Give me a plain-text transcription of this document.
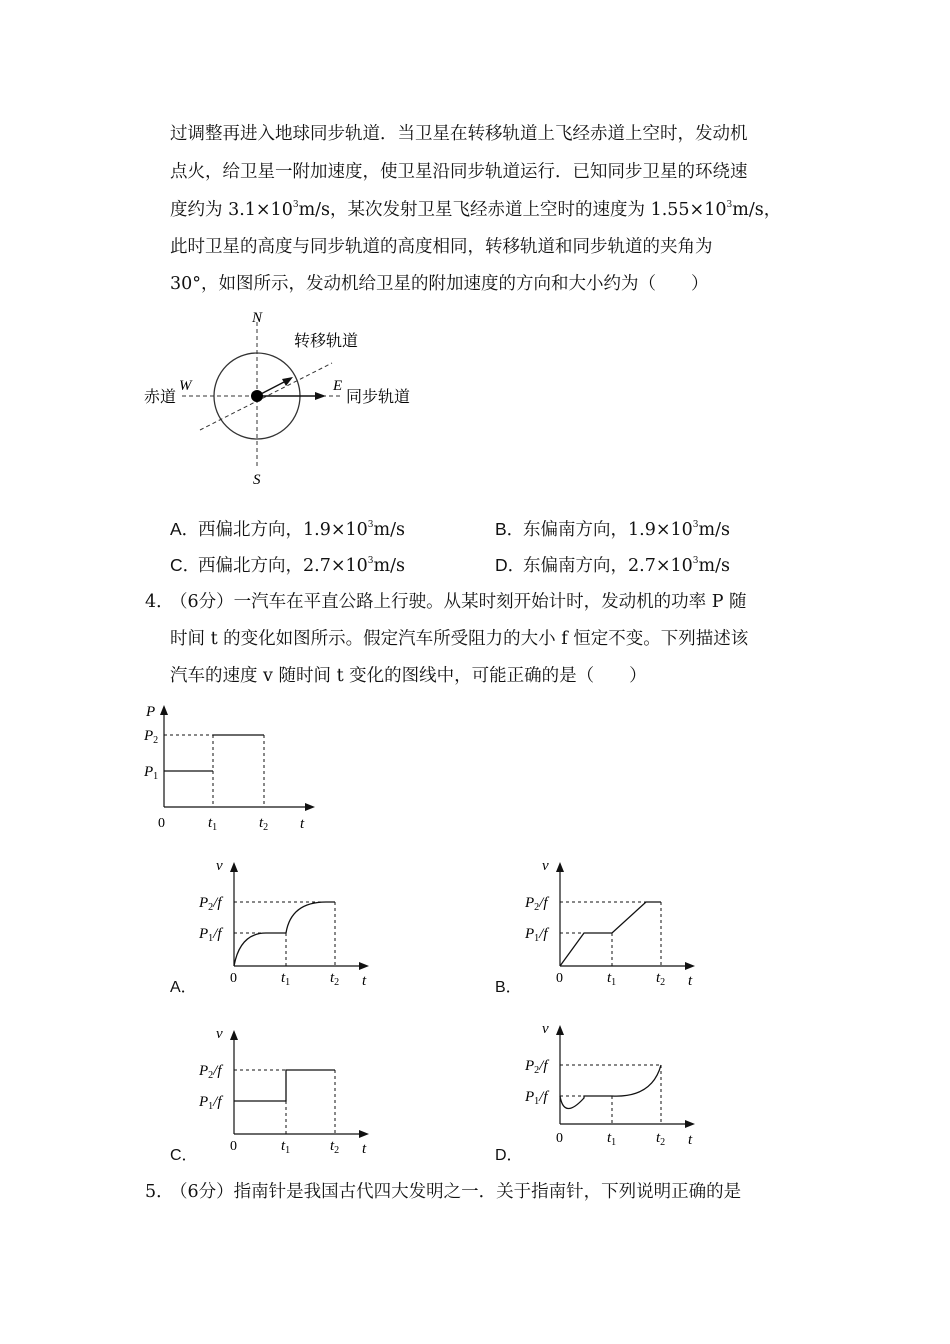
过调整再进入地球同步轨道．当卫星在转移轨道上飞经赤道上空时，发动机
点火，给卫星一附加速度，使卫星沿同步轨道运行．已知同步卫星的环绕速
度约为 $3.1\times 10^3m/s$，某次发射卫星飞经赤道上空时的速度为 $1.55\times 10^3m/s$，
此时卫星的高度与同步轨道的高度相同，转移轨道和同步轨道的夹角为
30°，如图所示，发动机给卫星的附加速度的方向和大小约为（　　）
N
S
W	E
赤道
转移轨道
同步轨道
A．西偏北方向，$1.9\times 10^3m/s$	B．东偏南方向，$1.9\times 10^3m/s$
C．西偏北方向，$2.7\times 10^3m/s$	D．东偏南方向，$2.7\times 10^3m/s$
4．
（6分）一汽车在平直公路上行驶。从某时刻开始计时，发动机的功率 P 随
时间 t 的变化如图所示。假定汽车所受阻力的大小 f 恒定不变。下列描述该
汽车的速度 v 随时间 t 变化的图线中，可能正确的是（　　）
P
t
0
$P_2$
$P_1$
$t_1$	$t_2$
v
t
0
$P_2/f$
$P_1/f$
$t_1$	$t_2$
A．
v
t
0
$P_2/f$
$P_1/f$
$t_1$	$t_2$
B．
v
t
0
$P_2/f$
$P_1/f$
$t_1$	$t_2$
C．
v
t
0
$P_2/f$
$P_1/f$
$t_1$	$t_2$
D．
5．
（6分）指南针是我国古代四大发明之一．关于指南针，下列说明正确的是
